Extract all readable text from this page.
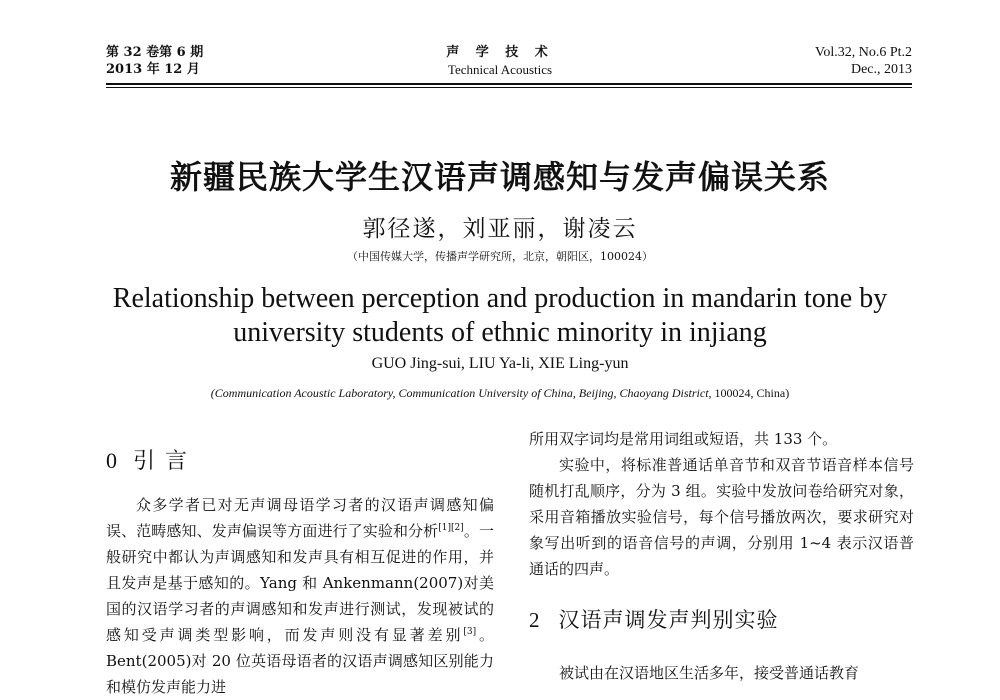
第 32 卷第 6 期
2013 年 12 月
声 学 技 术
Technical Acoustics
Vol.32, No.6 Pt.2
Dec., 2013
新疆民族大学生汉语声调感知与发声偏误关系
郭径遂，刘亚丽，谢凌云
（中国传媒大学，传播声学研究所，北京，朝阳区，100024）
Relationship between perception and production in mandarin tone by
university students of ethnic minority in injiang
GUO Jing-sui, LIU Ya-li, XIE Ling-yun
(Communication Acoustic Laboratory, Communication University of China, Beijing, Chaoyang District, 100024, China)
0 引言

众多学者已对无声调母语学习者的汉语声调感知偏误、范畴感知、发声偏误等方面进行了实验和分析[1][2]。一般研究中都认为声调感知和发声具有相互促进的作用，并且发声是基于感知的。Yang 和 Ankenmann(2007)对美国的汉语学习者的声调感知和发声进行测试，发现被试的感知受声调类型影响，而发声则没有显著差别[3]。Bent(2005)对 20 位英语母语者的汉语声调感知区别能力和模仿发声能力进

所用双字词均是常用词组或短语，共 133 个。

实验中，将标准普通话单音节和双音节语音样本信号随机打乱顺序，分为 3 组。实验中发放问卷给研究对象，采用音箱播放实验信号，每个信号播放两次，要求研究对象写出听到的语音信号的声调，分别用 1~4 表示汉语普通话的四声。

2 汉语声调发声判别实验

被试由在汉语地区生活多年，接受普通话教育
